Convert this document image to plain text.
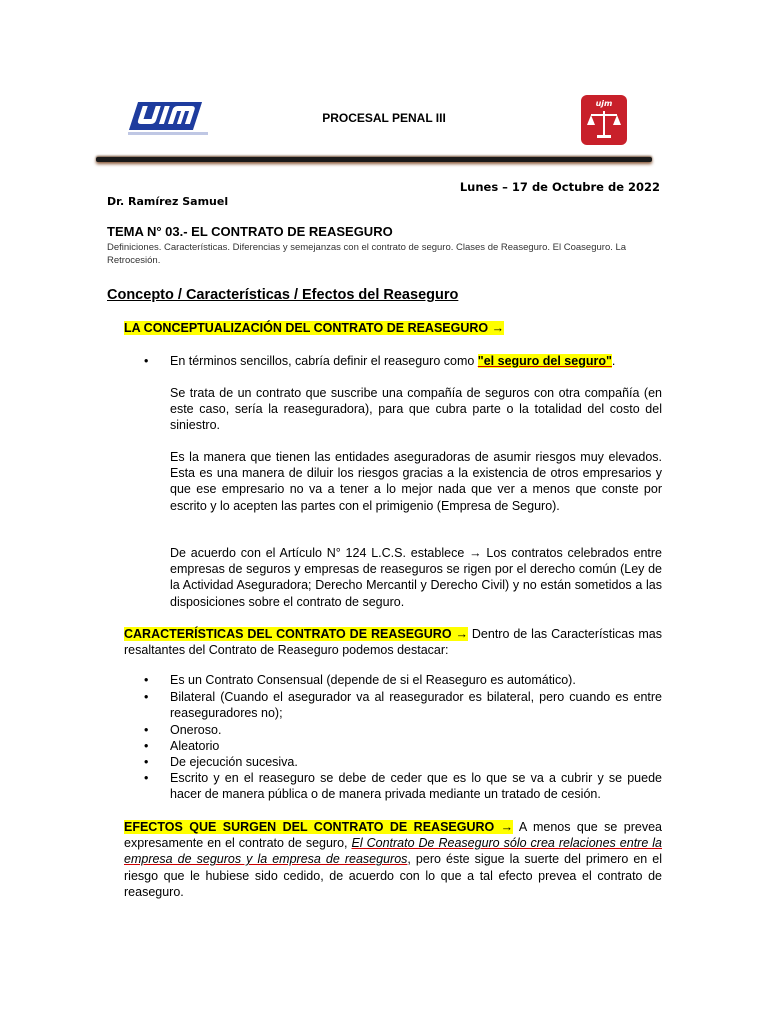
PROCESAL PENAL III
ujm
Lunes – 17 de Octubre de 2022
Dr. Ramírez Samuel
TEMA N° 03.- EL CONTRATO DE REASEGURO
Definiciones. Características. Diferencias y semejanzas con el contrato de seguro. Clases de Reaseguro. El Coaseguro. La Retrocesión.
Concepto / Características / Efectos del Reaseguro
LA CONCEPTUALIZACIÓN DEL CONTRATO DE REASEGURO →
•	En términos sencillos, cabría definir el reaseguro como "el seguro del seguro".
Se trata de un contrato que suscribe una compañía de seguros con otra compañía (en este caso, sería la reaseguradora), para que cubra parte o la totalidad del costo del siniestro.
Es la manera que tienen las entidades aseguradoras de asumir riesgos muy elevados. Esta es una manera de diluir los riesgos gracias a la existencia de otros empresarios y que ese empresario no va a tener a lo mejor nada que ver a menos que conste por escrito y lo acepten las partes con el primigenio (Empresa de Seguro).
De acuerdo con el Artículo N° 124 L.C.S. establece → Los contratos celebrados entre empresas de seguros y empresas de reaseguros se rigen por el derecho común (Ley de la Actividad Aseguradora; Derecho Mercantil y Derecho Civil) y no están sometidos a las disposiciones sobre el contrato de seguro.
CARACTERÍSTICAS DEL CONTRATO DE REASEGURO → Dentro de las Características mas resaltantes del Contrato de Reaseguro podemos destacar:
•	Es un Contrato Consensual (depende de si el Reaseguro es automático).
•	Bilateral (Cuando el asegurador va al reasegurador es bilateral, pero cuando es entre reaseguradores no);
•	Oneroso.
•	Aleatorio
•	De ejecución sucesiva.
•	Escrito y en el reaseguro se debe de ceder que es lo que se va a cubrir y se puede hacer de manera pública o de manera privada mediante un tratado de cesión.
EFECTOS QUE SURGEN DEL CONTRATO DE REASEGURO → A menos que se prevea expresamente en el contrato de seguro, El Contrato De Reaseguro sólo crea relaciones entre la empresa de seguros y la empresa de reaseguros, pero éste sigue la suerte del primero en el riesgo que le hubiese sido cedido, de acuerdo con lo que a tal efecto prevea el contrato de reaseguro.
